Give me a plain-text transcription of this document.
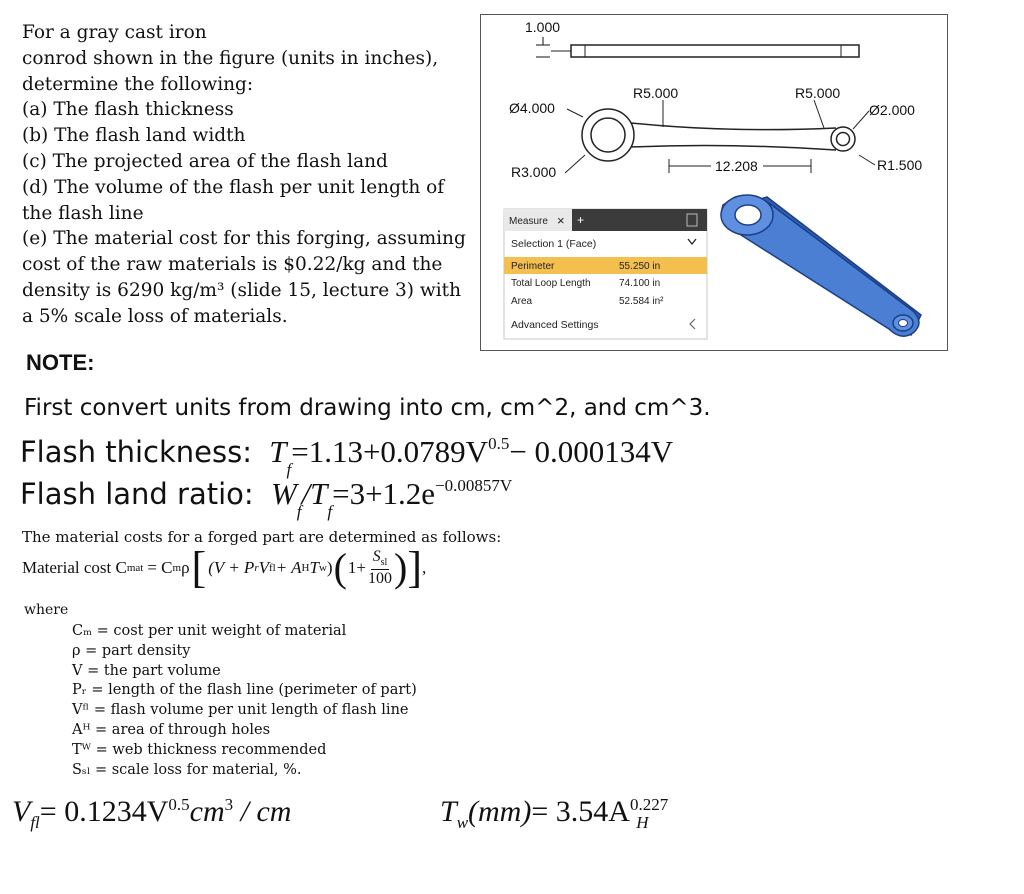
For a gray cast iron
conrod shown in the figure (units in inches),
determine the following:
(a) The flash thickness
(b) The flash land width
(c) The projected area of the flash land
(d) The volume of the flash per unit length of
the flash line
(e) The material cost for this forging, assuming
cost of the raw materials is $0.22/kg and the
density is 6290 kg/m³ (slide 15, lecture 3) with
a 5% scale loss of materials.
1.000
Ø4.000
R5.000	R5.000
Ø2.000
R3.000	12.208	R1.500
Measure × +
Selection 1 (Face)
Perimeter	55.250 in
Total Loop Length	74.100 in
Area	52.584 in²
Advanced Settings
NOTE:
First convert units from drawing into cm, cm^2, and cm^3.
Flash thickness: $T_f=1.13+0.0789V^{0.5}- 0.000134V$
Flash land ratio: $W_f/T_f=3+1.2e^{-0.00857V}$
The material costs for a forged part are determined as follows:
Material cost C mat = C m ρ [ (V + P r V fl + A H T w ) ( 1+
$S_{sl}$
100 ) ] ,
where
Cₘ = cost per unit weight of material
ρ = part density
V = the part volume
Pᵣ = length of the flash line (perimeter of part)
Vᶠˡ = flash volume per unit length of flash line
Aᴴ = area of through holes
Tᵂ = web thickness recommended
Sₛₗ = scale loss for material, %.
$V_{fl}= 0.1234V^{0.5}cm^3$ / cm	$T_w(mm)= 3.54A^{0.227}_H$
